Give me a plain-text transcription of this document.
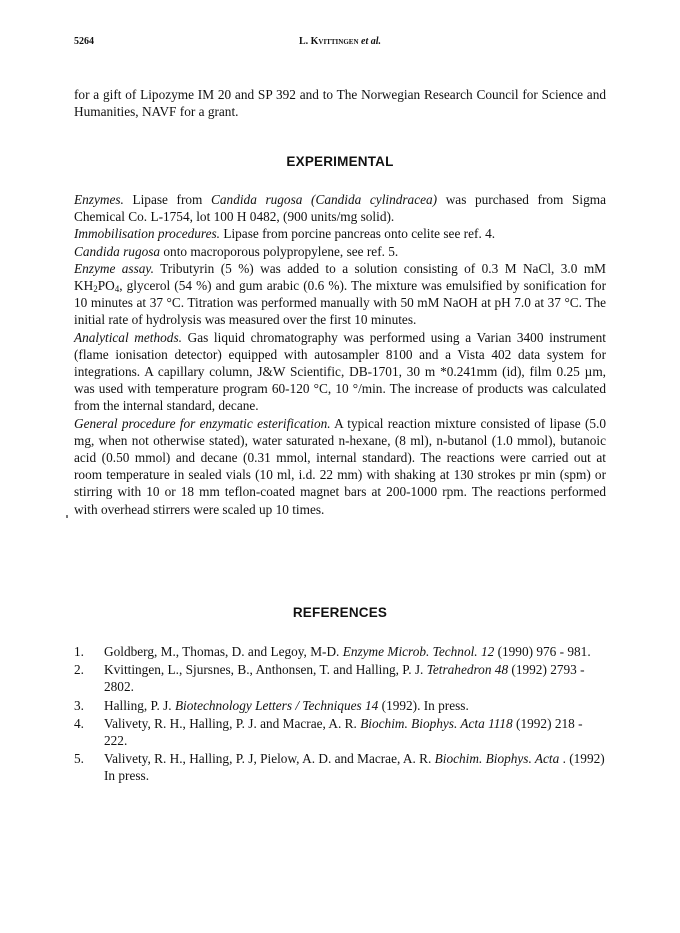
5264	L. Kvittingen et al.
for a gift of Lipozyme IM 20 and SP 392 and to The Norwegian Research Council for Science and Humanities, NAVF for a grant.
EXPERIMENTAL

Enzymes. Lipase from Candida rugosa (Candida cylindracea) was purchased from Sigma Chemical Co. L-1754, lot 100 H 0482, (900 units/mg solid).

Immobilisation procedures. Lipase from porcine pancreas onto celite see ref. 4.
Candida rugosa onto macroporous polypropylene, see ref. 5.

Enzyme assay. Tributyrin (5 %) was added to a solution consisting of 0.3 M NaCl, 3.0 mM $KH_2PO_4$, glycerol (54 %) and gum arabic (0.6 %). The mixture was emulsified by sonification for 10 minutes at 37 °C. Titration was performed manually with 50 mM NaOH at pH 7.0 at 37 °C. The initial rate of hydrolysis was measured over the first 10 minutes.

Analytical methods. Gas liquid chromatography was performed using a Varian 3400 instrument (flame ionisation detector) equipped with autosampler 8100 and a Vista 402 data system for integrations. A capillary column, J&W Scientific, DB-1701, 30 m *0.241mm (id), film 0.25 µm, was used with temperature program 60-120 °C, 10 °/min. The increase of products was calculated from the internal standard, decane.

General procedure for enzymatic esterification. A typical reaction mixture consisted of lipase (5.0 mg, when not otherwise stated), water saturated n-hexane, (8 ml), n-butanol (1.0 mmol), butanoic acid (0.50 mmol) and decane (0.31 mmol, internal standard). The reactions were carried out at room temperature in sealed vials (10 ml, i.d. 22 mm) with shaking at 130 strokes pr min (spm) or stirring with 10 or 18 mm teflon-coated magnet bars at 200-1000 rpm. The reactions performed with overhead stirrers were scaled up 10 times.

REFERENCES
1. Goldberg, M., Thomas, D. and Legoy, M-D. Enzyme Microb. Technol. 12 (1990) 976 - 981.
2. Kvittingen, L., Sjursnes, B., Anthonsen, T. and Halling, P. J. Tetrahedron 48 (1992) 2793 - 2802.
3. Halling, P. J. Biotechnology Letters / Techniques 14 (1992). In press.
4. Valivety, R. H., Halling, P. J. and Macrae, A. R. Biochim. Biophys. Acta 1118 (1992) 218 - 222.
5. Valivety, R. H., Halling, P. J, Pielow, A. D. and Macrae, A. R. Biochim. Biophys. Acta . (1992) In press.
